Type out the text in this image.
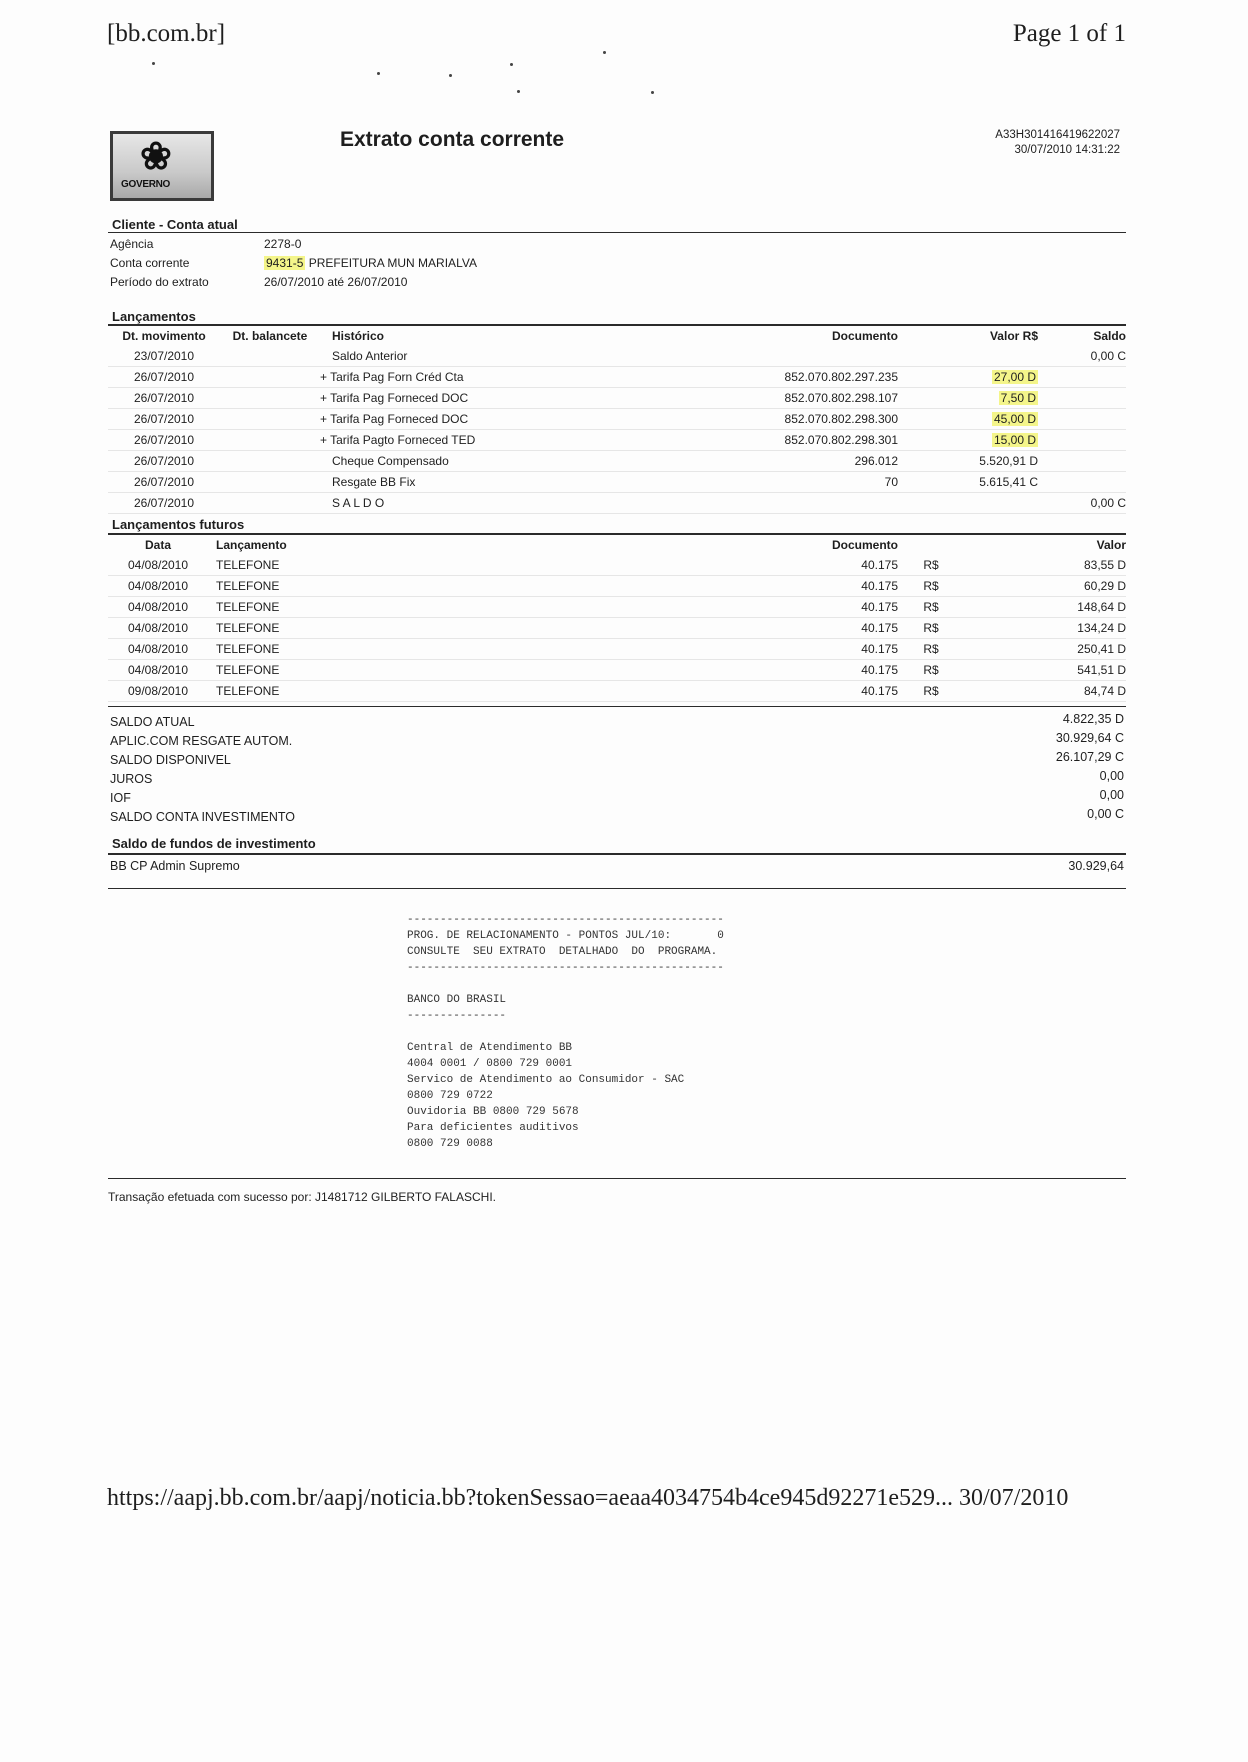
[bb.com.br]	Page 1 of 1
https://aapj.bb.com.br/aapj/noticia.bb?tokenSessao=aeaa4034754b4ce945d92271e529... 30/07/2010
❀
GOVERNO
Extrato conta corrente	A33H301416419622027
30/07/2010 14:31:22
Cliente - Conta atual
Agência	2278-0
Conta corrente	9431-5 PREFEITURA MUN MARIALVA
Período do extrato	26/07/2010 até 26/07/2010
Lançamentos
Dt. movimento	Dt. balancete	Histórico	Documento	Valor R$	Saldo
23/07/2010		Saldo Anterior			0,00 C
26/07/2010		+ Tarifa Pag Forn Créd Cta	852.070.802.297.235	27,00 D	
26/07/2010		+ Tarifa Pag Forneced DOC	852.070.802.298.107	7,50 D	
26/07/2010		+ Tarifa Pag Forneced DOC	852.070.802.298.300	45,00 D	
26/07/2010		+ Tarifa Pagto Forneced TED	852.070.802.298.301	15,00 D	
26/07/2010		Cheque Compensado	296.012	5.520,91 D	
26/07/2010		Resgate BB Fix	70	5.615,41 C	
26/07/2010		S A L D O			0,00 C
Lançamentos futuros
Data	Lançamento	Documento		Valor
04/08/2010	TELEFONE	40.175	R$	83,55 D
04/08/2010	TELEFONE	40.175	R$	60,29 D
04/08/2010	TELEFONE	40.175	R$	148,64 D
04/08/2010	TELEFONE	40.175	R$	134,24 D
04/08/2010	TELEFONE	40.175	R$	250,41 D
04/08/2010	TELEFONE	40.175	R$	541,51 D
09/08/2010	TELEFONE	40.175	R$	84,74 D
SALDO ATUAL	4.822,35 D
APLIC.COM RESGATE AUTOM.	30.929,64 C
SALDO DISPONIVEL	26.107,29 C
JUROS	0,00
IOF	0,00
SALDO CONTA INVESTIMENTO	0,00 C
Saldo de fundos de investimento
BB CP Admin Supremo	30.929,64
------------------------------------------------
PROG. DE RELACIONAMENTO - PONTOS JUL/10:       0
CONSULTE  SEU EXTRATO  DETALHADO  DO  PROGRAMA.
------------------------------------------------

BANCO DO BRASIL
---------------

Central de Atendimento BB
4004 0001 / 0800 729 0001
Servico de Atendimento ao Consumidor - SAC
0800 729 0722
Ouvidoria BB 0800 729 5678
Para deficientes auditivos
0800 729 0088
Transação efetuada com sucesso por: J1481712 GILBERTO FALASCHI.
